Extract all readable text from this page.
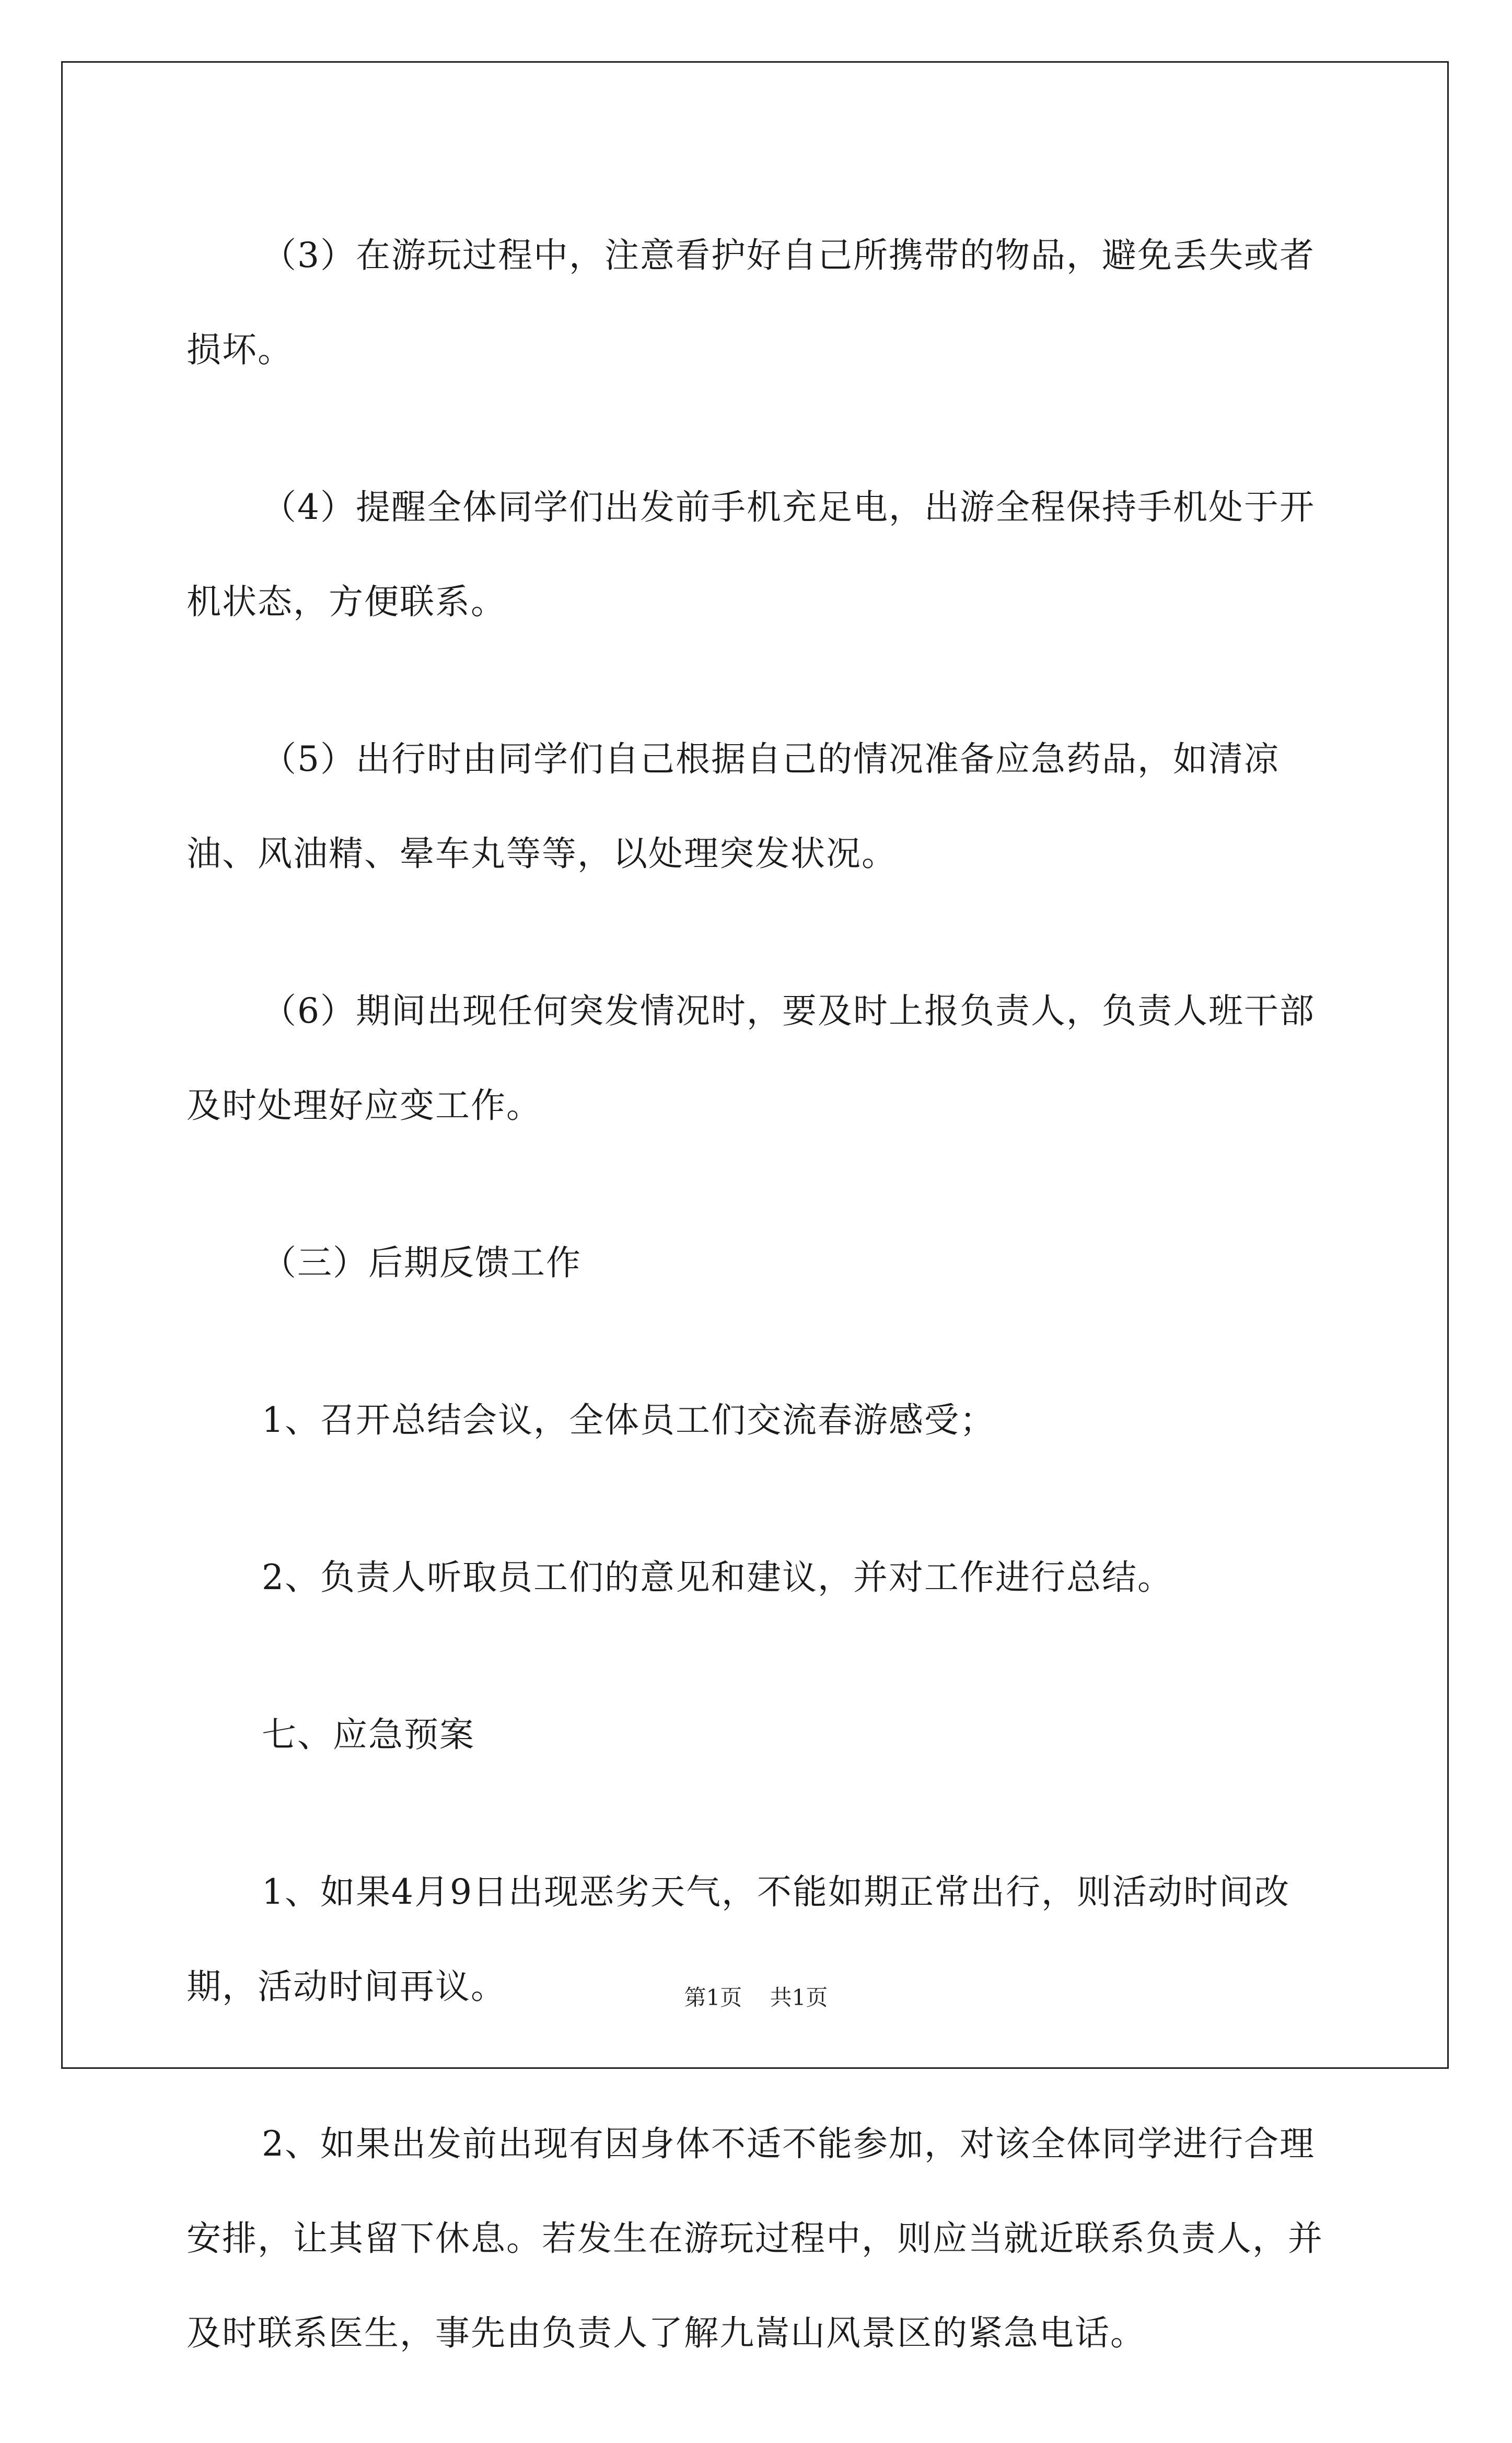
（3）在游玩过程中，注意看护好自己所携带的物品，避免丢失或者损坏。

（4）提醒全体同学们出发前手机充足电，出游全程保持手机处于开机状态，方便联系。

（5）出行时由同学们自己根据自己的情况准备应急药品，如清凉油、风油精、晕车丸等等，以处理突发状况。

（6）期间出现任何突发情况时，要及时上报负责人，负责人班干部及时处理好应变工作。

（三）后期反馈工作

1、召开总结会议，全体员工们交流春游感受；

2、负责人听取员工们的意见和建议，并对工作进行总结。

七、应急预案

1、如果4月9日出现恶劣天气，不能如期正常出行，则活动时间改期，活动时间再议。

2、如果出发前出现有因身体不适不能参加，对该全体同学进行合理安排，让其留下休息。若发生在游玩过程中，则应当就近联系负责人，并及时联系医生，事先由负责人了解九嵩山风景区的紧急电话。

第1页 共1页
